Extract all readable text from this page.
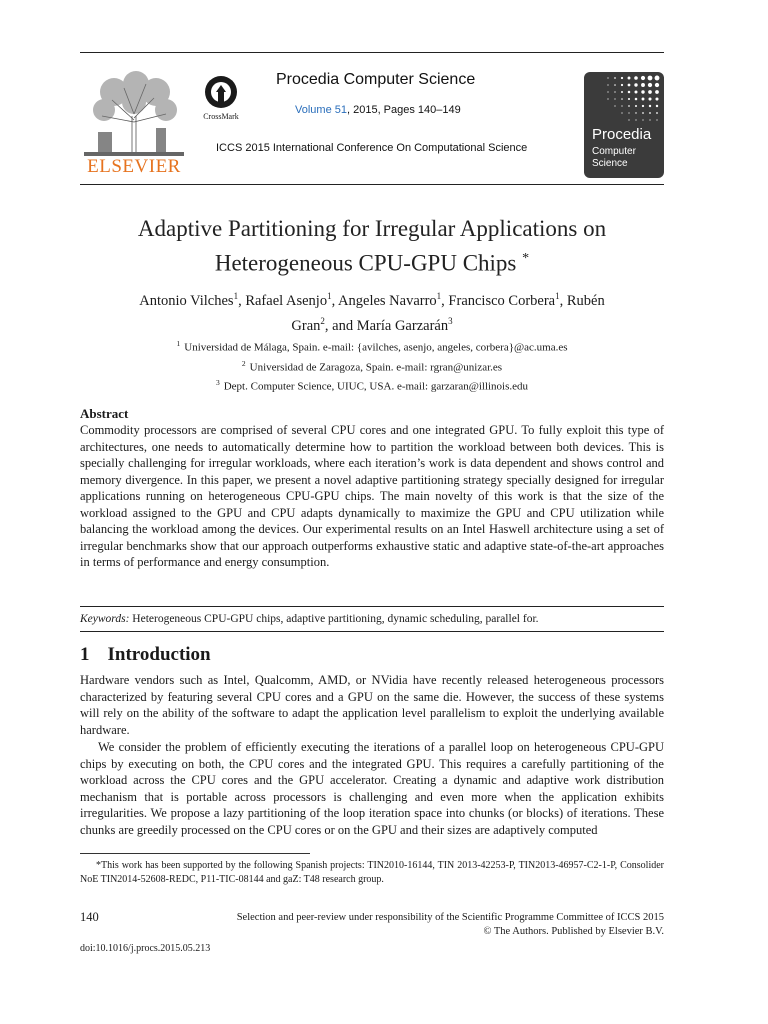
ELSEVIER
CrossMark
Procedia Computer Science
Volume 51, 2015, Pages 140–149
ICCS 2015 International Conference On Computational Science
Procedia
Computer
Science
Adaptive Partitioning for Irregular Applications on
Heterogeneous CPU-GPU Chips *
Antonio Vilches$^1$, Rafael Asenjo$^1$, Angeles Navarro$^1$, Francisco Corbera$^1$, Rubén
Gran$^2$, and María Garzarán$^3$
$^1$ Universidad de Málaga, Spain. e-mail: {avilches, asenjo, angeles, corbera}@ac.uma.es
$^2$ Universidad de Zaragoza, Spain. e-mail: rgran@unizar.es
$^3$ Dept. Computer Science, UIUC, USA. e-mail: garzaran@illinois.edu
Abstract
Commodity processors are comprised of several CPU cores and one integrated GPU. To fully exploit this type of architectures, one needs to automatically determine how to partition the workload between both devices. This is specially challenging for irregular workloads, where each iteration’s work is data dependent and shows control and memory divergence. In this paper, we present a novel adaptive partitioning strategy specially designed for irregular applications running on heterogeneous CPU-GPU chips. The main novelty of this work is that the size of the workload assigned to the GPU and CPU adapts dynamically to maximize the GPU and CPU utilization while balancing the workload among the devices. Our experimental results on an Intel Haswell architecture using a set of irregular benchmarks show that our approach outperforms exhaustive static and adaptive state-of-the-art approaches in terms of performance and energy consumption.
Keywords: Heterogeneous CPU-GPU chips, adaptive partitioning, dynamic scheduling, parallel for.
1 Introduction
Hardware vendors such as Intel, Qualcomm, AMD, or NVidia have recently released heterogeneous processors characterized by featuring several CPU cores and a GPU on the same die. However, the success of these systems will rely on the ability of the software to adapt the application level parallelism to exploit the underlying available hardware.
We consider the problem of efficiently executing the iterations of a parallel loop on heterogeneous CPU-GPU chips by executing on both, the CPU cores and the integrated GPU. This requires a carefully partitioning of the workload across the CPU cores and the GPU accelerator. Creating a dynamic and adaptive work distribution mechanism that is portable across processors is challenging and even more when the application exhibits irregularities. We propose a lazy partitioning of the loop iteration space into chunks (or blocks) of iterations. These chunks are greedily processed on the CPU cores or on the GPU and their sizes are adaptively computed
*This work has been supported by the following Spanish projects: TIN2010-16144, TIN 2013-42253-P, TIN2013-46957-C2-1-P, Consolider NoE TIN2014-52608-REDC, P11-TIC-08144 and gaZ: T48 research group.
140	Selection and peer-review under responsibility of the Scientific Programme Committee of ICCS 2015
© The Authors. Published by Elsevier B.V.
doi:10.1016/j.procs.2015.05.213
